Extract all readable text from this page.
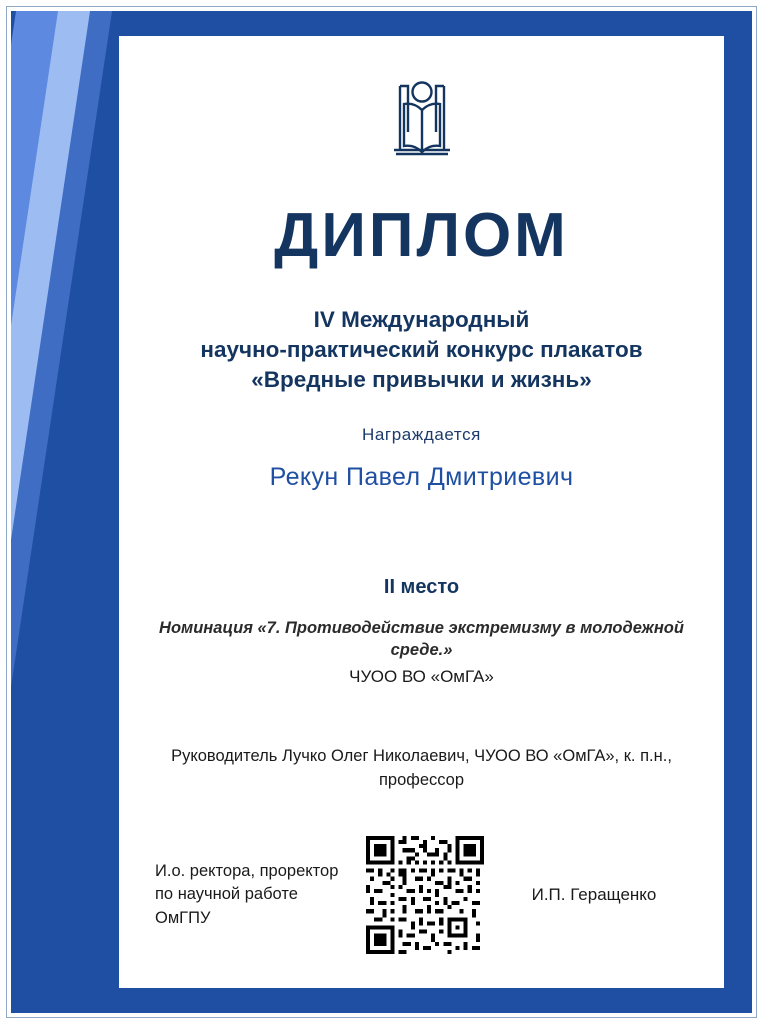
ДИПЛОМ
IV Международный
научно-практический конкурс плакатов
«Вредные привычки и жизнь»
Награждается
Рекун Павел Дмитриевич
II место
Номинация «7. Противодействие экстремизму в молодежной среде.»
ЧУОО ВО «ОмГА»
Руководитель Лучко Олег Николаевич, ЧУОО ВО «ОмГА», к. п.н., профессор
И.о. ректора, проректор по научной работе ОмГПУ
И.П. Геращенко
